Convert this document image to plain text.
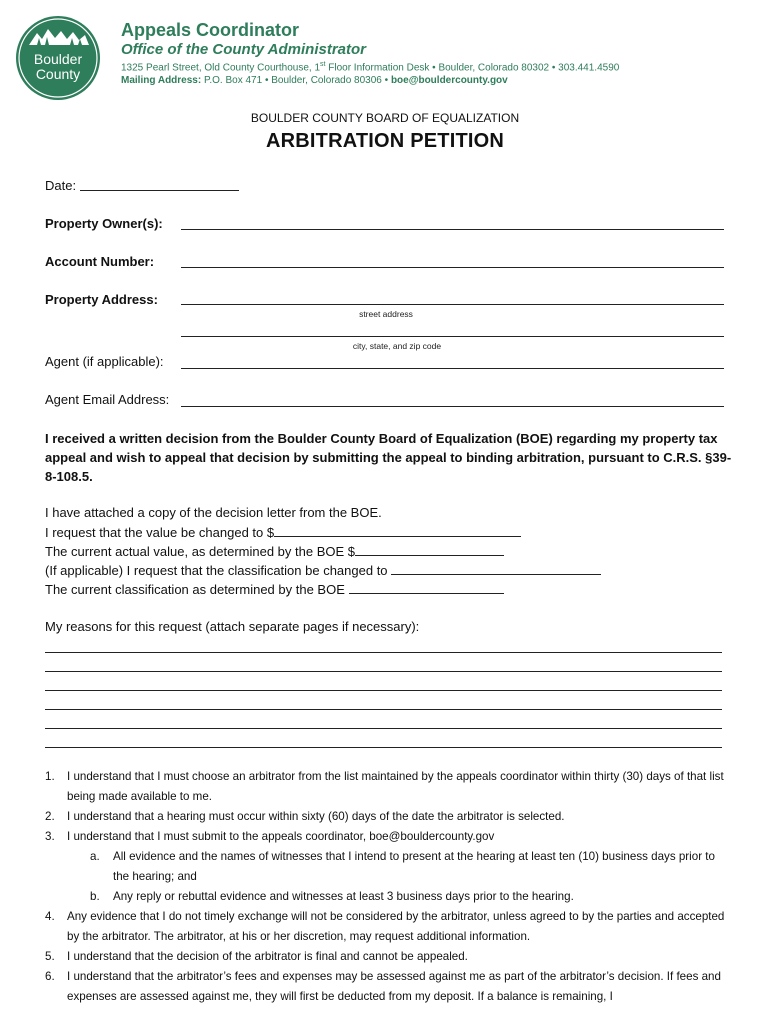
Boulder
County
Appeals Coordinator
Office of the County Administrator
1325 Pearl Street, Old County Courthouse, 1st Floor Information Desk • Boulder, Colorado 80302 • 303.441.4590
Mailing Address: P.O. Box 471 • Boulder, Colorado 80306 • boe@bouldercounty.gov
BOULDER COUNTY BOARD OF EQUALIZATION
ARBITRATION PETITION
Date:
Property Owner(s):
Account Number:
Property Address:
street address
city, state, and zip code
Agent (if applicable):
Agent Email Address:
I received a written decision from the Boulder County Board of Equalization (BOE) regarding my property tax appeal and wish to appeal that decision by submitting the appeal to binding arbitration, pursuant to C.R.S. §39-8-108.5.
I have attached a copy of the decision letter from the BOE.
I request that the value be changed to $
The current actual value, as determined by the BOE $
(If applicable) I request that the classification be changed to
The current classification as determined by the BOE
My reasons for this request (attach separate pages if necessary):
1. I understand that I must choose an arbitrator from the list maintained by the appeals coordinator within thirty (30) days of that list being made available to me.
2. I understand that a hearing must occur within sixty (60) days of the date the arbitrator is selected.
3. I understand that I must submit to the appeals coordinator, boe@bouldercounty.gov
a. All evidence and the names of witnesses that I intend to present at the hearing at least ten (10) business days prior to the hearing; and
b. Any reply or rebuttal evidence and witnesses at least 3 business days prior to the hearing.
4. Any evidence that I do not timely exchange will not be considered by the arbitrator, unless agreed to by the parties and accepted by the arbitrator. The arbitrator, at his or her discretion, may request additional information.
5. I understand that the decision of the arbitrator is final and cannot be appealed.
6. I understand that the arbitrator’s fees and expenses may be assessed against me as part of the arbitrator’s decision. If fees and expenses are assessed against me, they will first be deducted from my deposit. If a balance is remaining, I
